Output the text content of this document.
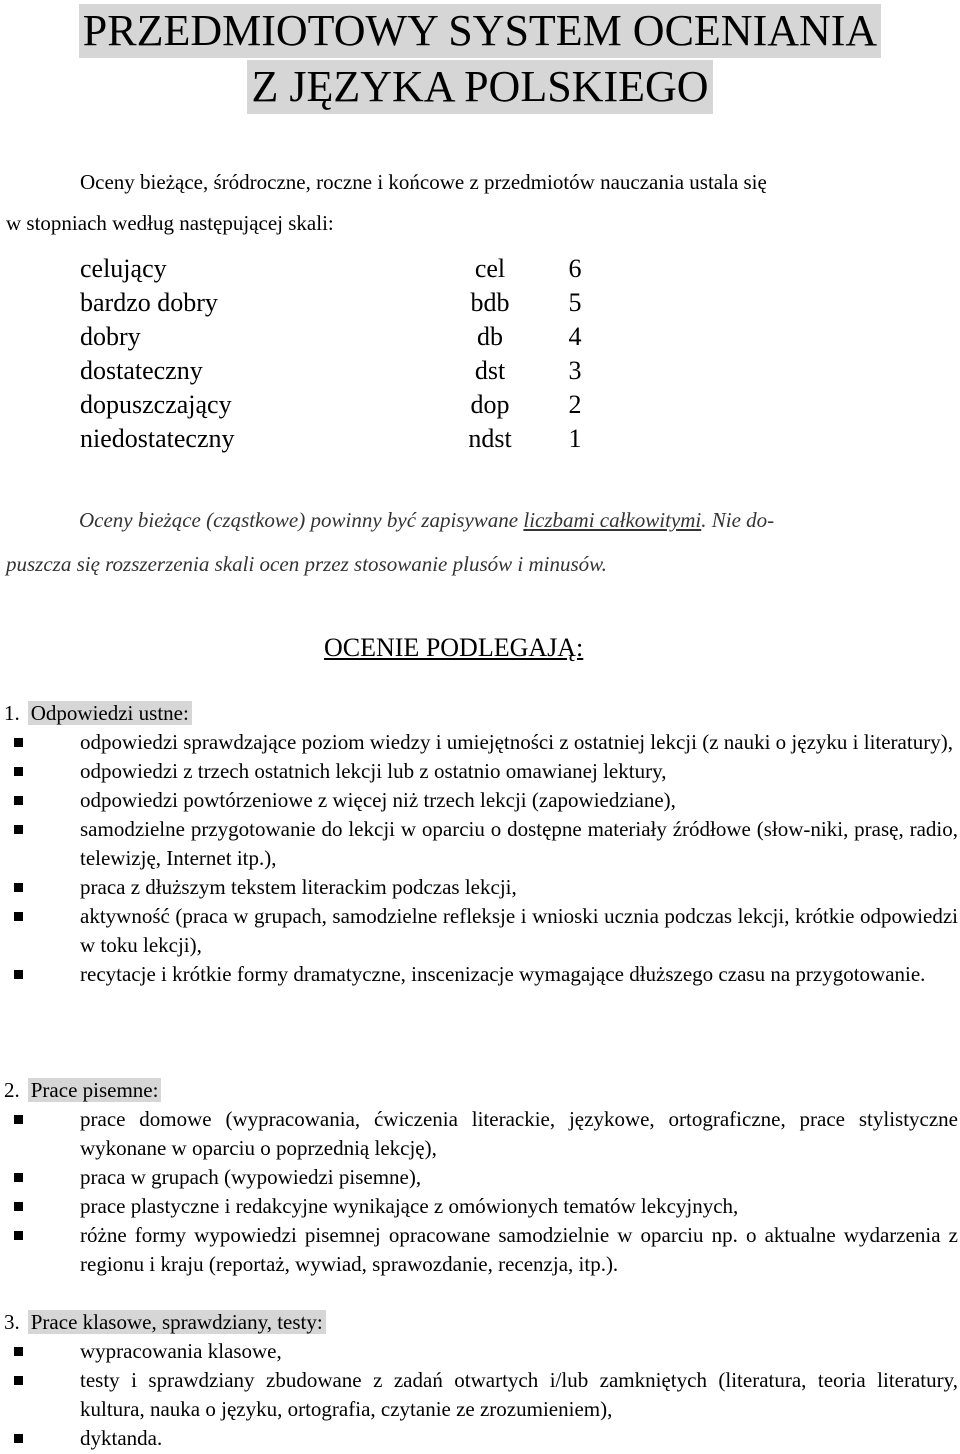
PRZEDMIOTOWY SYSTEM OCENIANIA
Z JĘZYKA POLSKIEGO
Oceny bieżące, śródroczne, roczne i końcowe z przedmiotów nauczania ustala się
w stopniach według następującej skali:
celujący	cel	6
bardzo dobry	bdb	5
dobry	db	4
dostateczny	dst	3
dopuszczający	dop	2
niedostateczny	ndst	1
Oceny bieżące (cząstkowe) powinny być zapisywane liczbami całkowitymi. Nie do-
puszcza się rozszerzenia skali ocen przez stosowanie plusów i minusów.
OCENIE PODLEGAJĄ:
1. Odpowiedzi ustne:
odpowiedzi sprawdzające poziom wiedzy i umiejętności z ostatniej lekcji (z nauki o języku i literatury),
odpowiedzi z trzech ostatnich lekcji lub z ostatnio omawianej lektury,
odpowiedzi powtórzeniowe z więcej niż trzech lekcji (zapowiedziane),
samodzielne przygotowanie do lekcji w oparciu o dostępne materiały źródłowe (słow-niki, prasę, radio, telewizję, Internet itp.),
praca z dłuższym tekstem literackim podczas lekcji,
aktywność (praca w grupach, samodzielne refleksje i wnioski ucznia podczas lekcji, krótkie odpowiedzi w toku lekcji),
recytacje i krótkie formy dramatyczne, inscenizacje wymagające dłuższego czasu na przygotowanie.
2. Prace pisemne:
prace domowe (wypracowania, ćwiczenia literackie, językowe, ortograficzne, prace stylistyczne wykonane w oparciu o poprzednią lekcję),
praca w grupach (wypowiedzi pisemne),
prace plastyczne i redakcyjne wynikające z omówionych tematów lekcyjnych,
różne formy wypowiedzi pisemnej opracowane samodzielnie w oparciu np. o aktualne wydarzenia z regionu i kraju (reportaż, wywiad, sprawozdanie, recenzja, itp.).
3. Prace klasowe, sprawdziany, testy:
wypracowania klasowe,
testy i sprawdziany zbudowane z zadań otwartych i/lub zamkniętych (literatura, teoria literatury, kultura, nauka o języku, ortografia, czytanie ze zrozumieniem),
dyktanda.
